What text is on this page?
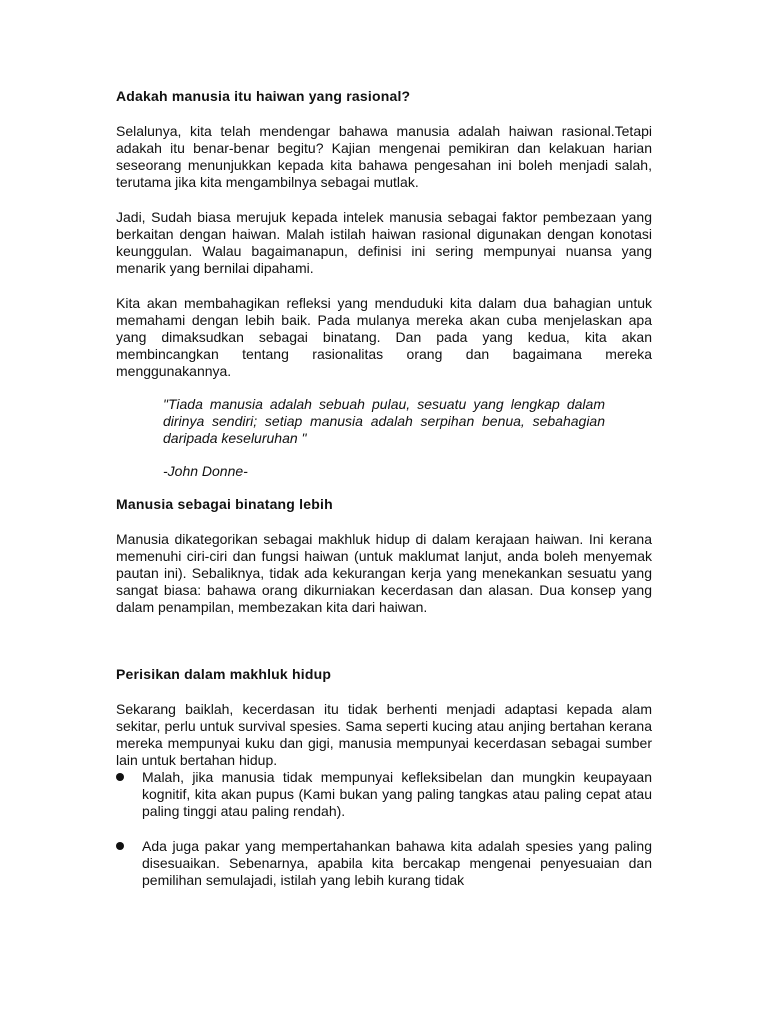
Adakah manusia itu haiwan yang rasional?

Selalunya, kita telah mendengar bahawa manusia adalah haiwan rasional.Tetapi adakah itu benar-benar begitu? Kajian mengenai pemikiran dan kelakuan harian seseorang menunjukkan kepada kita bahawa pengesahan ini boleh menjadi salah, terutama jika kita mengambilnya sebagai mutlak.

Jadi, Sudah biasa merujuk kepada intelek manusia sebagai faktor pembezaan yang berkaitan dengan haiwan. Malah istilah haiwan rasional digunakan dengan konotasi keunggulan. Walau bagaimanapun, definisi ini sering mempunyai nuansa yang menarik yang bernilai dipahami.

Kita akan membahagikan refleksi yang menduduki kita dalam dua bahagian untuk memahami dengan lebih baik. Pada mulanya mereka akan cuba menjelaskan apa yang dimaksudkan sebagai binatang. Dan pada yang kedua, kita akan membincangkan tentang rasionalitas orang dan bagaimana mereka menggunakannya.

"Tiada manusia adalah sebuah pulau, sesuatu yang lengkap dalam dirinya sendiri; setiap manusia adalah serpihan benua, sebahagian daripada keseluruhan "

-John Donne-

Manusia sebagai binatang lebih

Manusia dikategorikan sebagai makhluk hidup di dalam kerajaan haiwan. Ini kerana memenuhi ciri-ciri dan fungsi haiwan (untuk maklumat lanjut, anda boleh menyemak pautan ini). Sebaliknya, tidak ada kekurangan kerja yang menekankan sesuatu yang sangat biasa: bahawa orang dikurniakan kecerdasan dan alasan. Dua konsep yang dalam penampilan, membezakan kita dari haiwan.

Perisikan dalam makhluk hidup

Sekarang baiklah, kecerdasan itu tidak berhenti menjadi adaptasi kepada alam sekitar, perlu untuk survival spesies. Sama seperti kucing atau anjing bertahan kerana mereka mempunyai kuku dan gigi, manusia mempunyai kecerdasan sebagai sumber lain untuk bertahan hidup.

Malah, jika manusia tidak mempunyai kefleksibelan dan mungkin keupayaan kognitif, kita akan pupus (Kami bukan yang paling tangkas atau paling cepat atau paling tinggi atau paling rendah).

Ada juga pakar yang mempertahankan bahawa kita adalah spesies yang paling disesuaikan. Sebenarnya, apabila kita bercakap mengenai penyesuaian dan pemilihan semulajadi, istilah yang lebih kurang tidak
